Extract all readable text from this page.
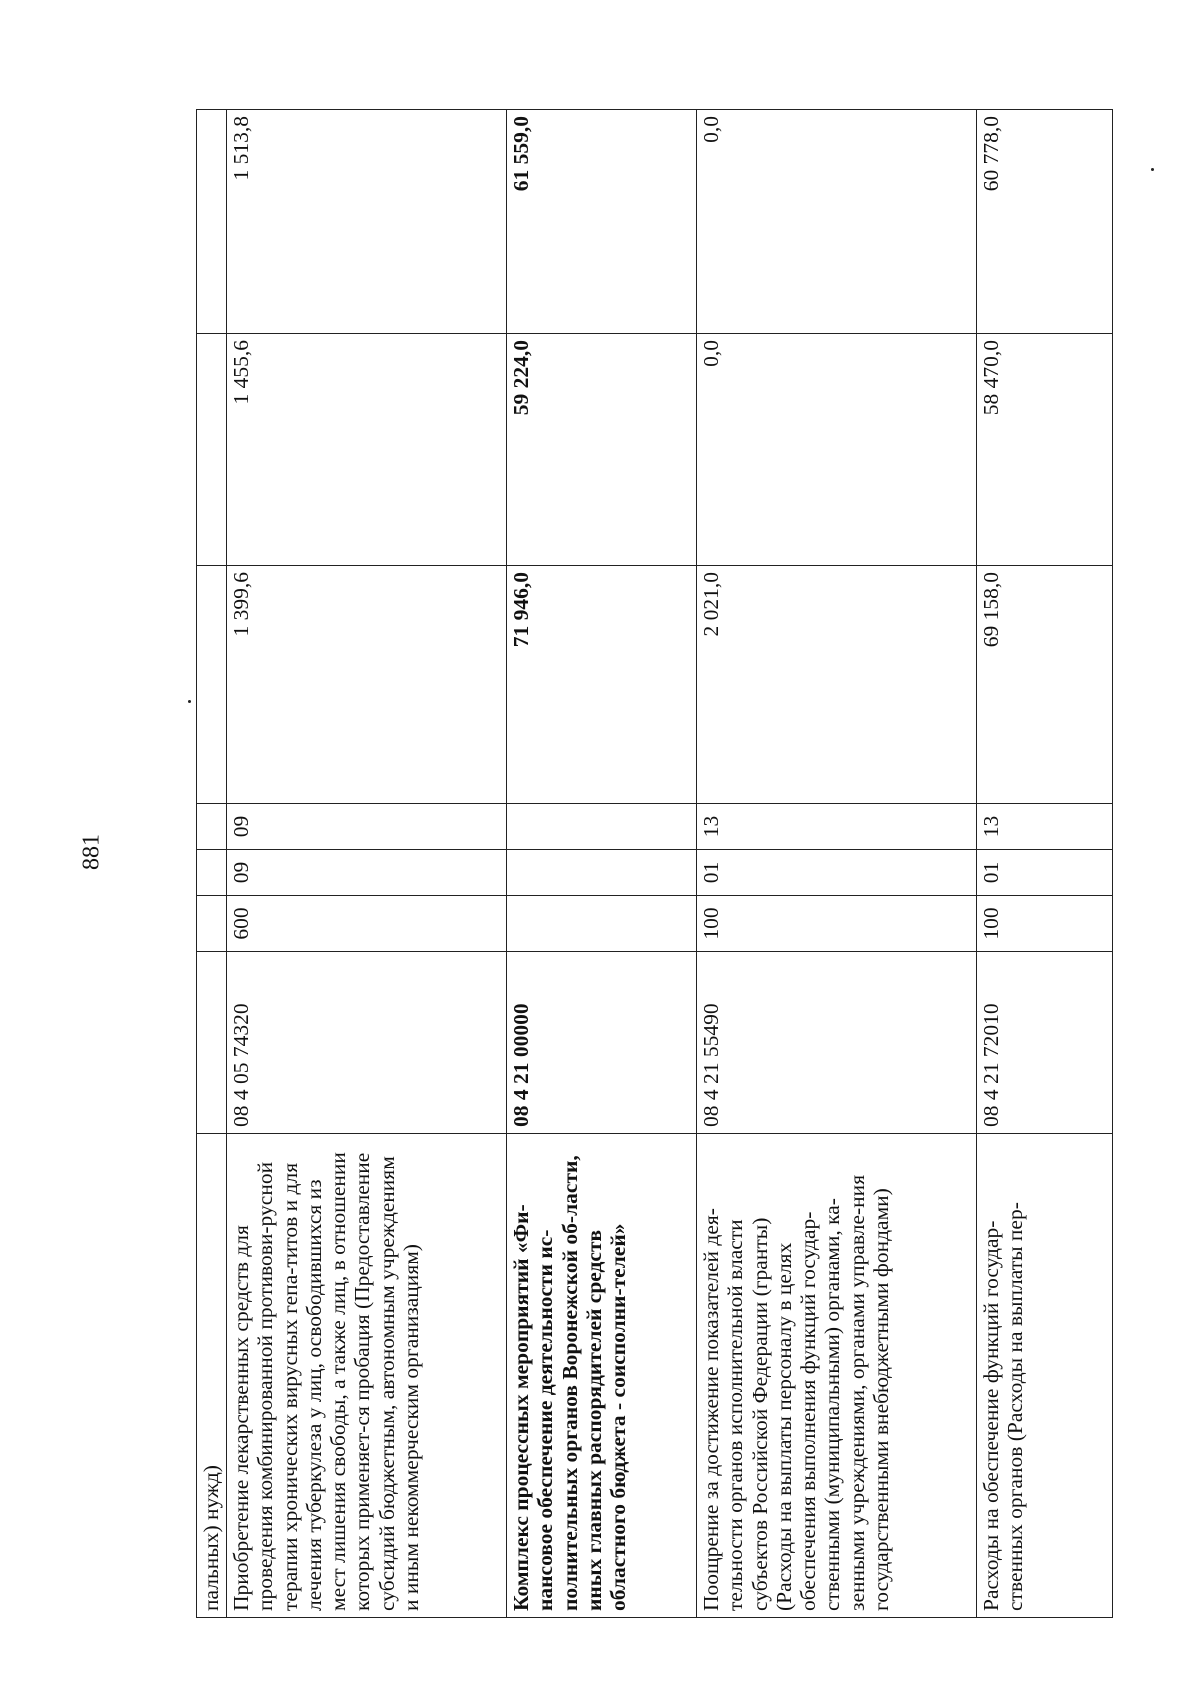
881
пальных) нужд)							
Приобретение лекарственных средств для проведения комбинированной противови-русной терапии хронических вирусных гепа-титов и для лечения туберкулеза у лиц, освободившихся из мест лишения свободы, а также лиц, в отношении которых применяет-ся пробация (Предоставление субсидий бюджетным, автономным учреждениям и иным некоммерческим организациям)	08 4 05 74320	600	09	09	1 399,6	1 455,6	1 513,8
Комплекс процессных мероприятий «Фи-нансовое обеспечение деятельности ис-полнительных органов Воронежской об-ласти, иных главных распорядителей средств областного бюджета - соисполни-телей»	08 4 21 00000				71 946,0	59 224,0	61 559,0
Поощрение за достижение показателей дея-тельности органов исполнительной власти субъектов Российской Федерации (гранты) (Расходы на выплаты персоналу в целях обеспечения выполнения функций государ-ственными (муниципальными) органами, ка-зенными учреждениями, органами управле-ния государственными внебюджетными фондами)	08 4 21 55490	100	01	13	2 021,0	0,0	0,0
Расходы на обеспечение функций государ-ственных органов (Расходы на выплаты пер-	08 4 21 72010	100	01	13	69 158,0	58 470,0	60 778,0
